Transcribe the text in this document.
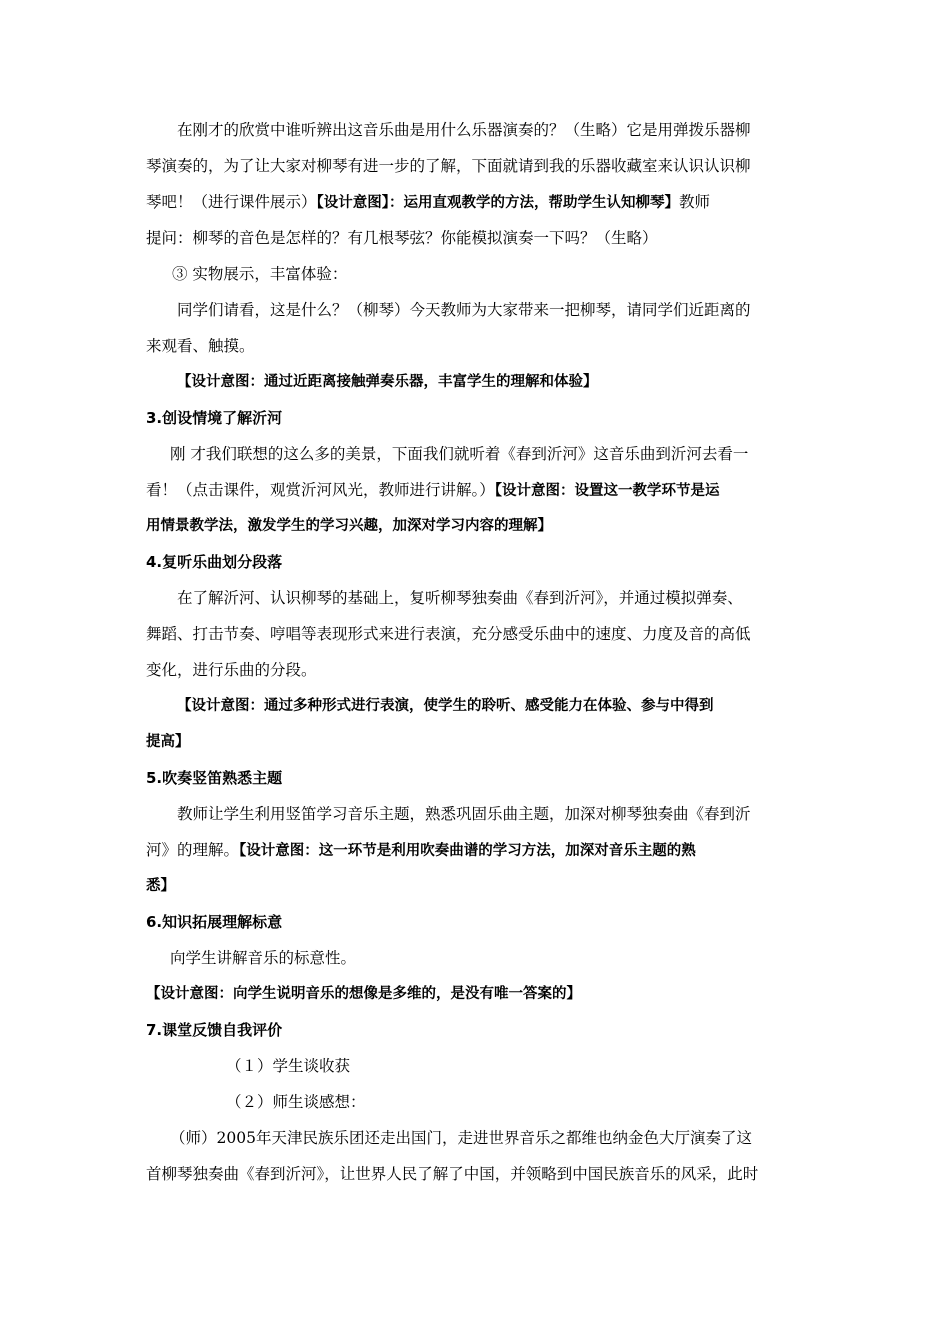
在刚才的欣赏中谁听辨出这音乐曲是用什么乐器演奏的？（生略）它是用弹拨乐器柳
琴演奏的，为了让大家对柳琴有进一步的了解，下面就请到我的乐器收藏室来认识认识柳
琴吧！（进行课件展示）【设计意图】：运用直观教学的方法，帮助学生认知柳琴】教师
提问：柳琴的音色是怎样的？有几根琴弦？你能模拟演奏一下吗？（生略）
③ 实物展示，丰富体验：
同学们请看，这是什么？（柳琴）今天教师为大家带来一把柳琴，请同学们近距离的
来观看、触摸。
【设计意图：通过近距离接触弹奏乐器，丰富学生的理解和体验】
3.创设情境了解沂河
刚 才我们联想的这么多的美景，下面我们就听着《春到沂河》这音乐曲到沂河去看一
看！（点击课件，观赏沂河风光，教师进行讲解。）【设计意图：设置这一教学环节是运
用情景教学法，激发学生的学习兴趣，加深对学习内容的理解】
4.复听乐曲划分段落
在了解沂河、认识柳琴的基础上，复听柳琴独奏曲《春到沂河》，并通过模拟弹奏、
舞蹈、打击节奏、哼唱等表现形式来进行表演，充分感受乐曲中的速度、力度及音的高低
变化，进行乐曲的分段。
【设计意图：通过多种形式进行表演，使学生的聆听、感受能力在体验、参与中得到
提高】
5.吹奏竖笛熟悉主题
教师让学生利用竖笛学习音乐主题，熟悉巩固乐曲主题，加深对柳琴独奏曲《春到沂
河》的理解。【设计意图：这一环节是利用吹奏曲谱的学习方法，加深对音乐主题的熟
悉】
6.知识拓展理解标意
向学生讲解音乐的标意性。
【设计意图：向学生说明音乐的想像是多维的，是没有唯一答案的】
7.课堂反馈自我评价
（１）学生谈收获
（２）师生谈感想：
（师）2005年天津民族乐团还走出国门，走进世界音乐之都维也纳金色大厅演奏了这
首柳琴独奏曲《春到沂河》，让世界人民了解了中国，并领略到中国民族音乐的风采，此时
